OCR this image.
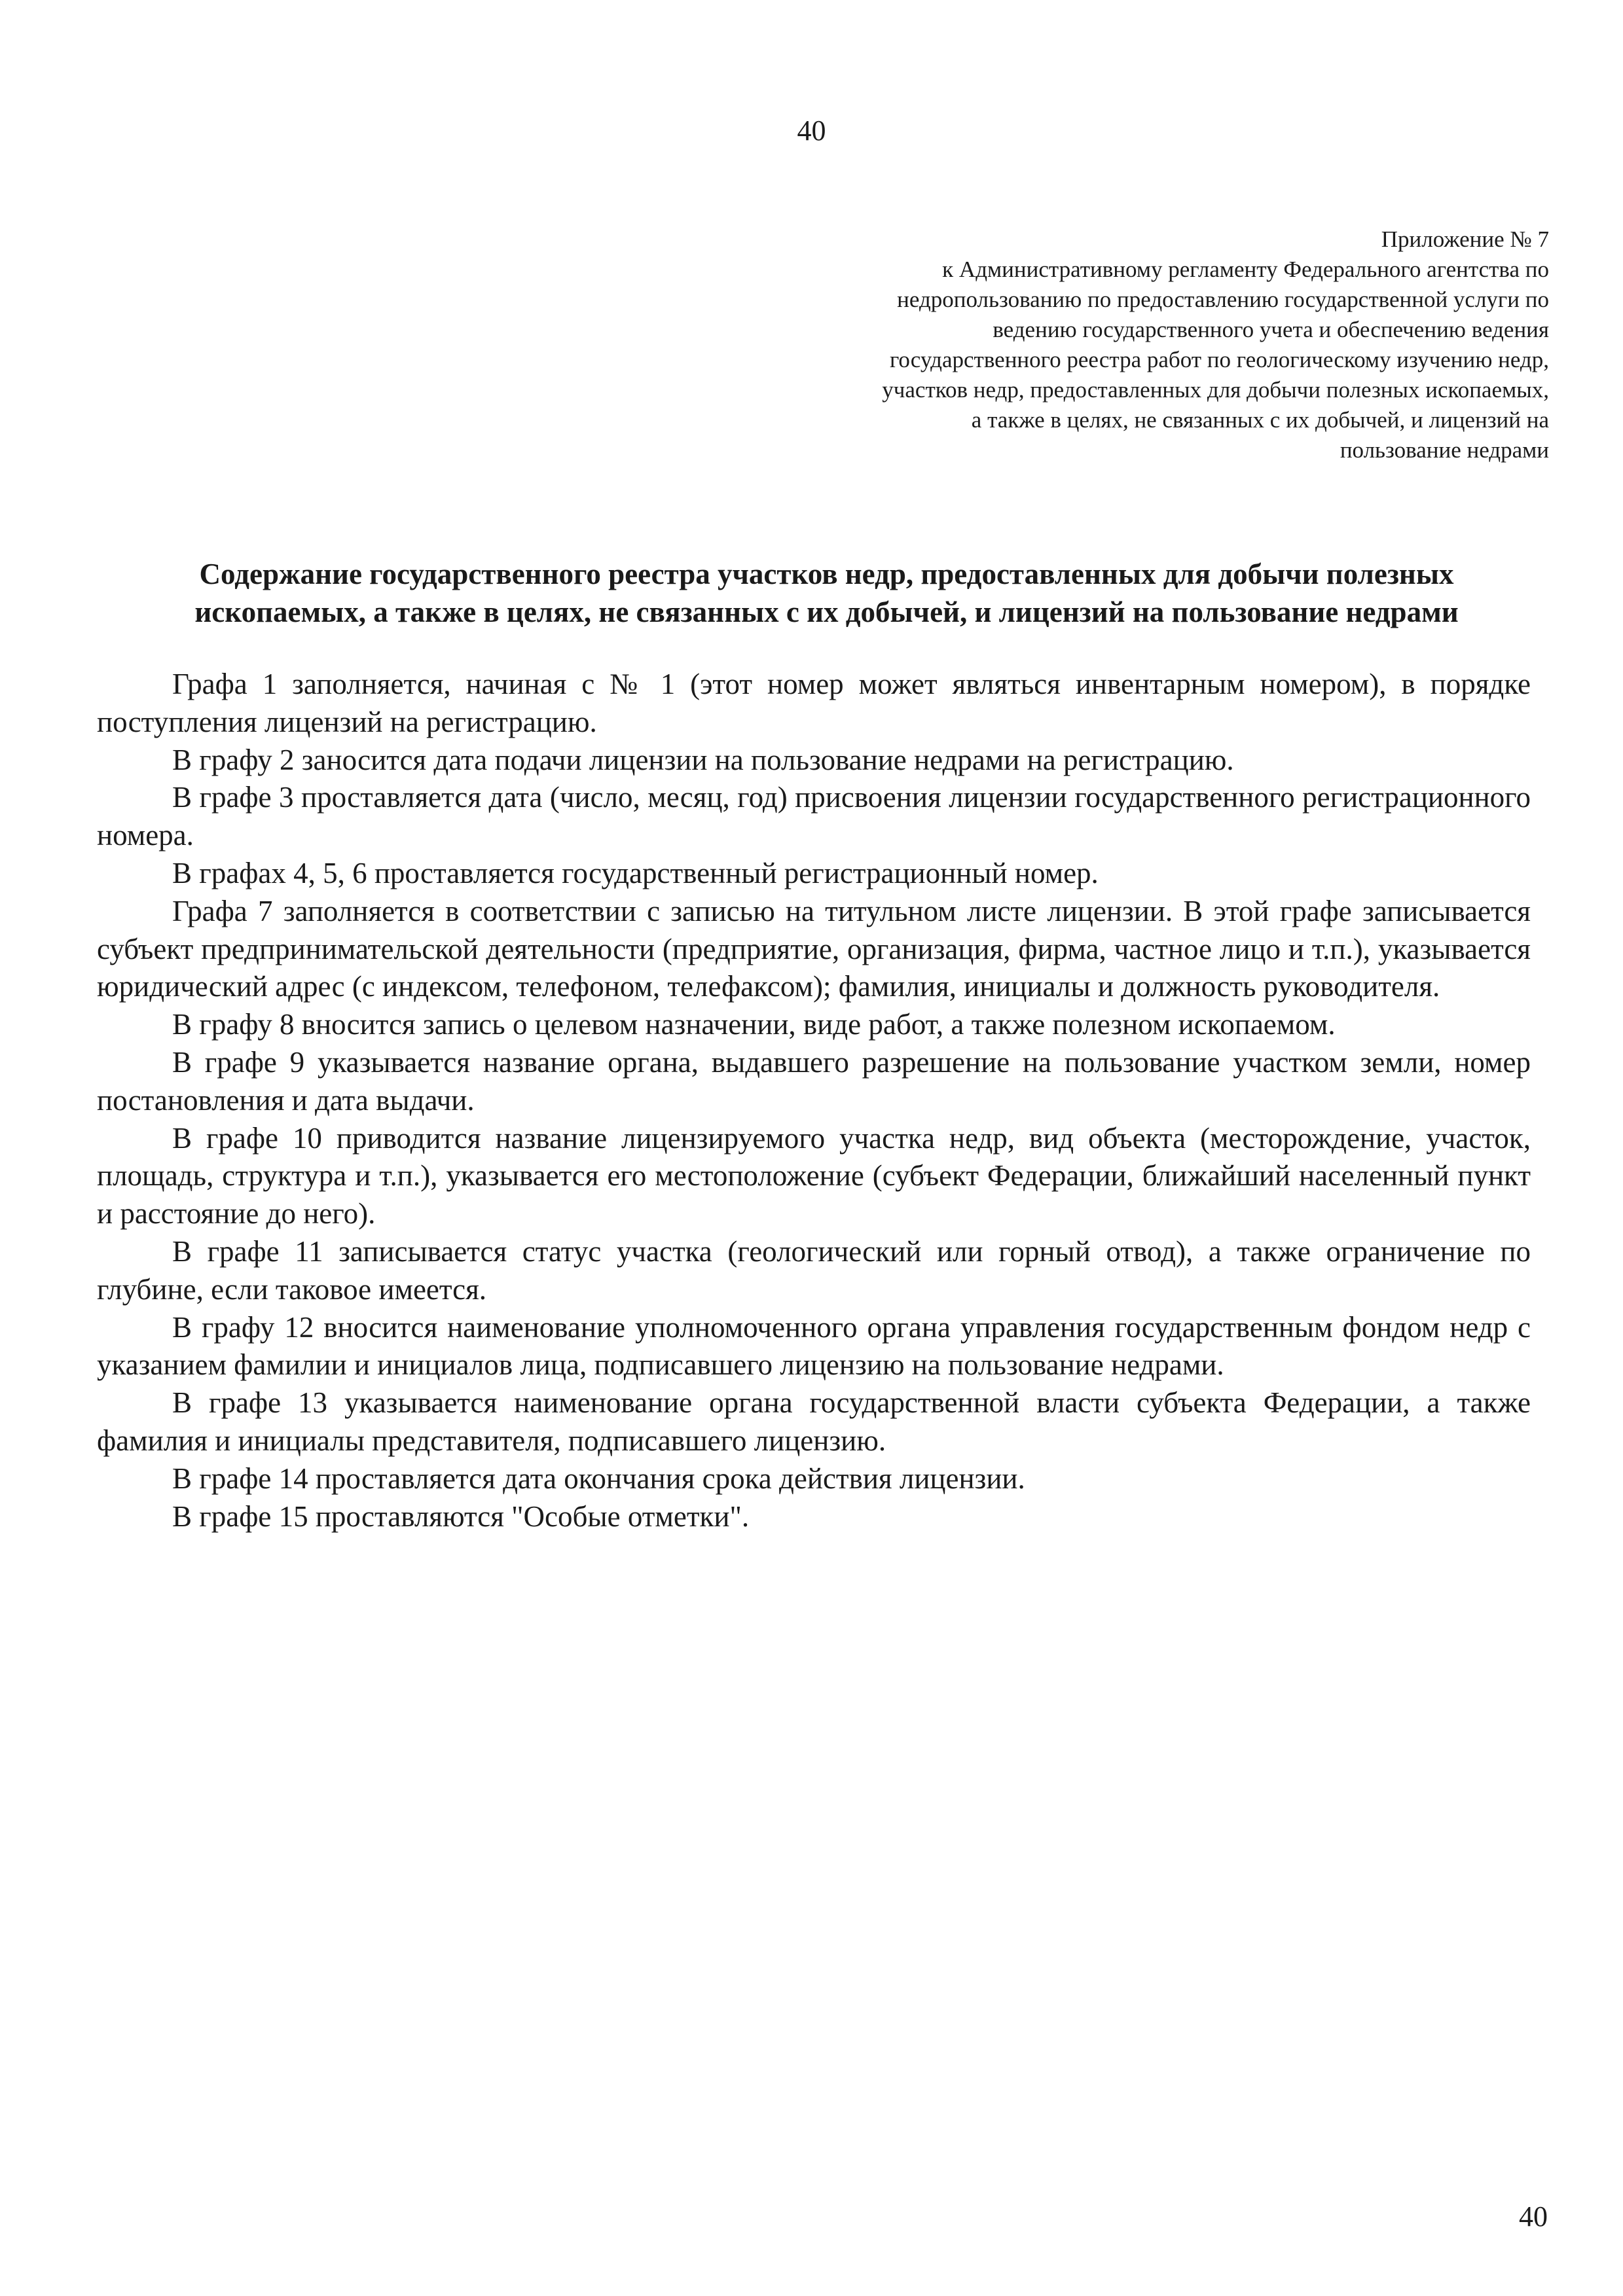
40
Приложение № 7
к Административному регламенту Федерального агентства по
недропользованию по предоставлению государственной услуги по
ведению государственного учета и обеспечению ведения
государственного реестра работ по геологическому изучению недр,
участков недр, предоставленных для добычи полезных ископаемых,
а также в целях, не связанных с их добычей, и лицензий на
пользование недрами
Содержание государственного реестра участков недр, предоставленных для добычи полезных
ископаемых, а также в целях, не связанных с их добычей, и лицензий на пользование недрами

Графа 1 заполняется, начиная с № 1 (этот номер может являться инвентарным номером), в порядке поступления лицензий на регистрацию.

В графу 2 заносится дата подачи лицензии на пользование недрами на регистрацию.

В графе 3 проставляется дата (число, месяц, год) присвоения лицензии государственного регистрационного номера.

В графах 4, 5, 6 проставляется государственный регистрационный номер.

Графа 7 заполняется в соответствии с записью на титульном листе лицензии. В этой графе записывается субъект предпринимательской деятельности (предприятие, организация, фирма, частное лицо и т.п.), указывается юридический адрес (с индексом, телефоном, телефаксом); фамилия, инициалы и должность руководителя.

В графу 8 вносится запись о целевом назначении, виде работ, а также полезном ископаемом.

В графе 9 указывается название органа, выдавшего разрешение на пользование участком земли, номер постановления и дата выдачи.

В графе 10 приводится название лицензируемого участка недр, вид объекта (месторождение, участок, площадь, структура и т.п.), указывается его местоположение (субъект Федерации, ближайший населенный пункт и расстояние до него).

В графе 11 записывается статус участка (геологический или горный отвод), а также ограничение по глубине, если таковое имеется.

В графу 12 вносится наименование уполномоченного органа управления государственным фондом недр с указанием фамилии и инициалов лица, подписавшего лицензию на пользование недрами.

В графе 13 указывается наименование органа государственной власти субъекта Федерации, а также фамилия и инициалы представителя, подписавшего лицензию.

В графе 14 проставляется дата окончания срока действия лицензии.

В графе 15 проставляются "Особые отметки".

40
